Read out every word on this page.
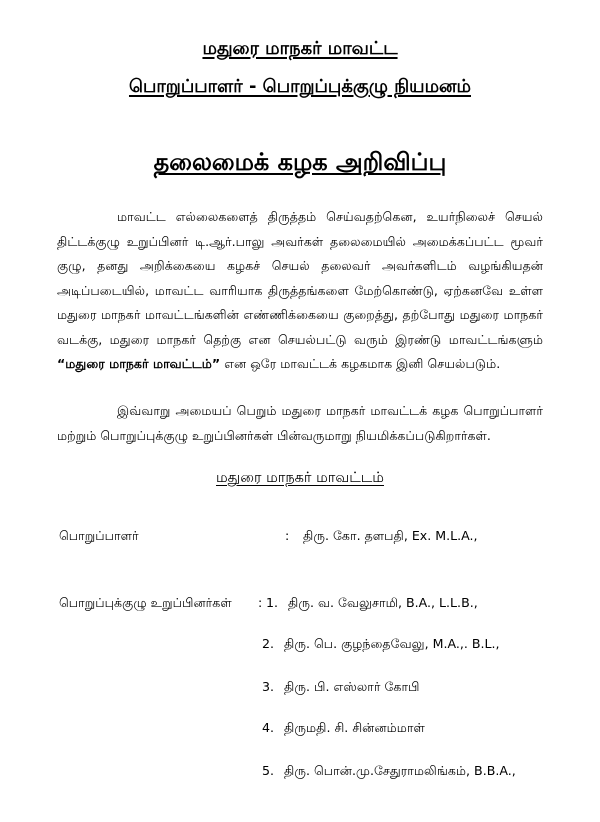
மதுரை மாநகர் மாவட்ட
பொறுப்பாளர் - பொறுப்புக்குழு நியமனம்
தலைமைக் கழக அறிவிப்பு

மாவட்ட எல்லைகளைத் திருத்தம் செய்வதற்கென, உயர்நிலைச் செயல் திட்டக்குழு உறுப்பினர் டி.ஆர்.பாலு அவர்கள் தலைமையில் அமைக்கப்பட்ட மூவர் குழு, தனது அறிக்கையை கழகச் செயல் தலைவர் அவர்களிடம் வழங்கியதன் அடிப்படையில், மாவட்ட வாரியாக திருத்தங்களை மேற்கொண்டு, ஏற்கனவே உள்ள மதுரை மாநகர் மாவட்டங்களின் எண்ணிக்கையை குறைத்து, தற்போது மதுரை மாநகர் வடக்கு, மதுரை மாநகர் தெற்கு என செயல்பட்டு வரும் இரண்டு மாவட்டங்களும் “மதுரை மாநகர் மாவட்டம்” என ஒரே மாவட்டக் கழகமாக இனி செயல்படும்.

இவ்வாறு அமையப் பெறும் மதுரை மாநகர் மாவட்டக் கழக பொறுப்பாளர் மற்றும் பொறுப்புக்குழு உறுப்பினர்கள் பின்வருமாறு நியமிக்கப்படுகிறார்கள்.

மதுரை மாநகர் மாவட்டம்
பொறுப்பாளர்	: திரு. கோ. தளபதி, Ex. M.L.A.,
பொறுப்புக்குழு உறுப்பினர்கள் : 1. திரு. வ. வேலுசாமி, B.A., L.L.B.,
2. திரு. பெ. குழந்தைவேலு, M.A.,. B.L.,
3. திரு. பி. எஸ்லார் கோபி
4. திருமதி. சி. சின்னம்மாள்
5. திரு. பொன்.மு.சேதுராமலிங்கம், B.B.A.,
